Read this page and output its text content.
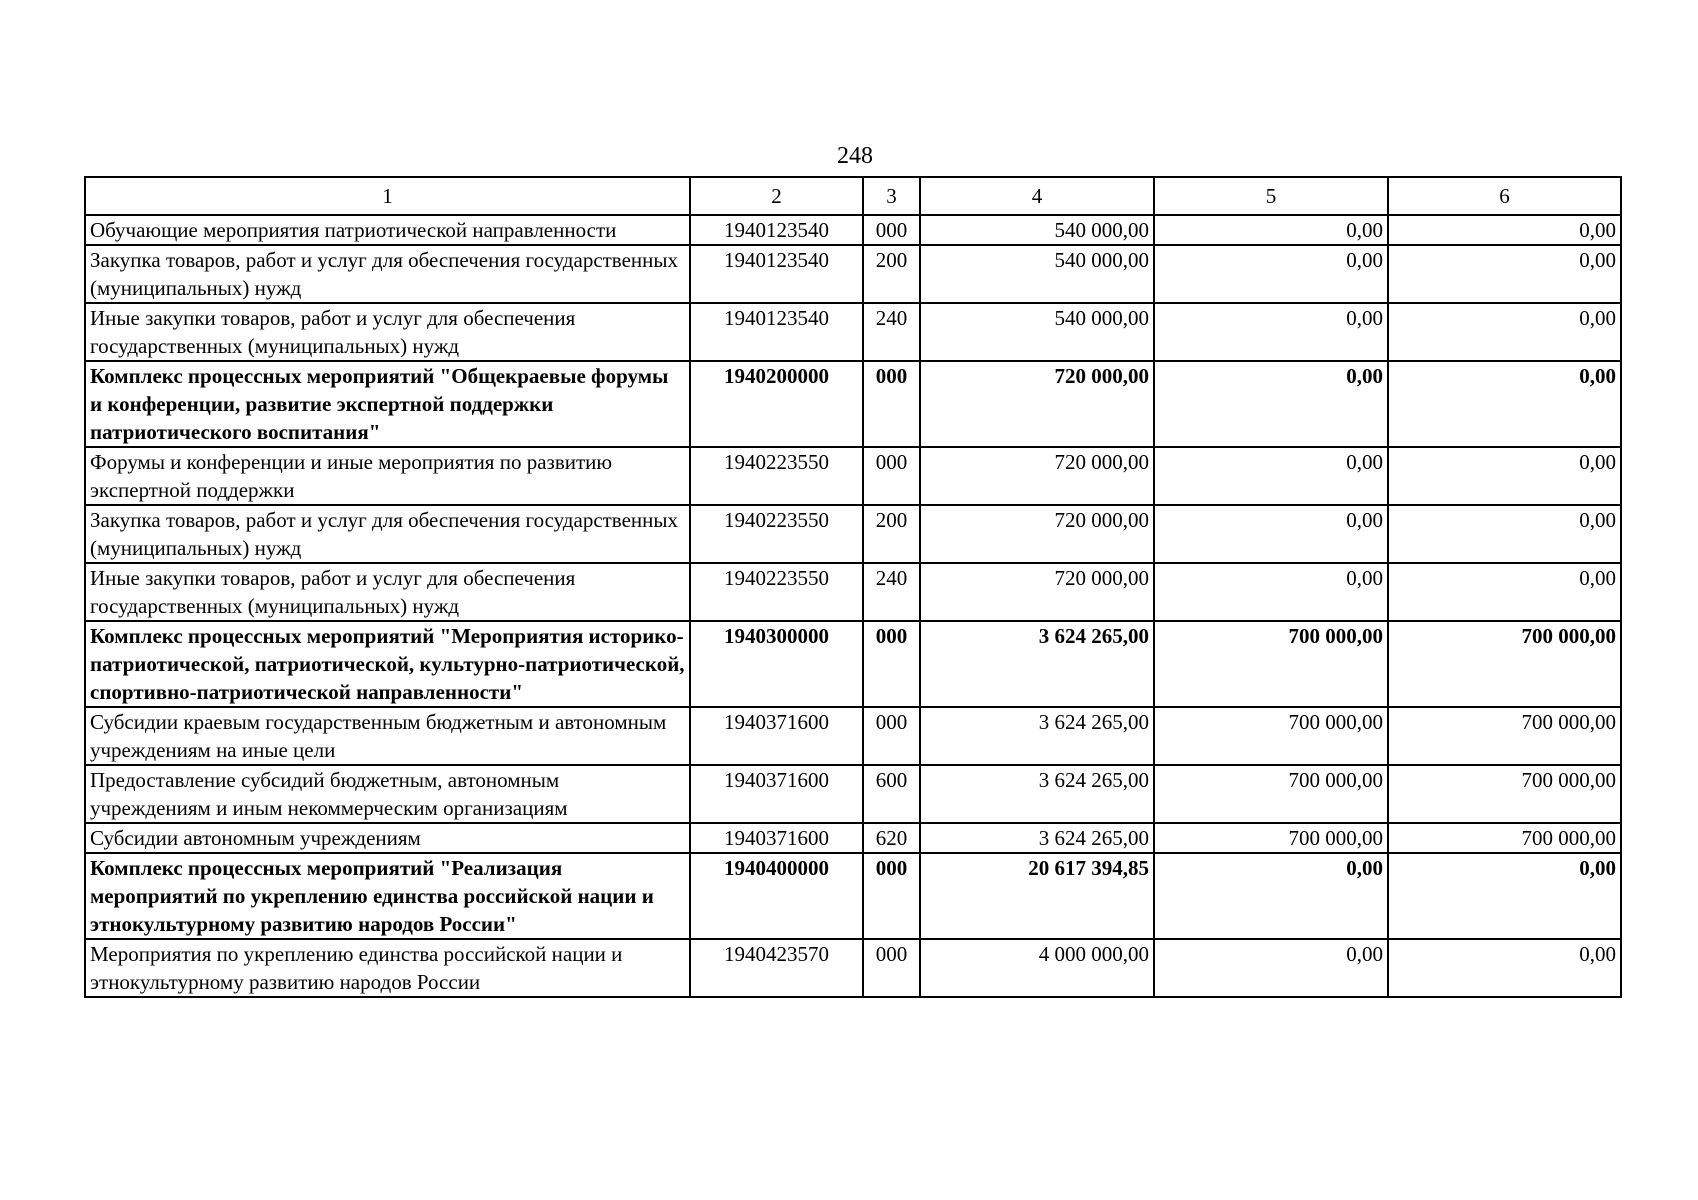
248
1	2	3	4	5	6
Обучающие мероприятия патриотической направленности	1940123540	000	540 000,00	0,00	0,00
Закупка товаров, работ и услуг для обеспечения государственных (муниципальных) нужд	1940123540	200	540 000,00	0,00	0,00
Иные закупки товаров, работ и услуг для обеспечения государственных (муниципальных) нужд	1940123540	240	540 000,00	0,00	0,00
Комплекс процессных мероприятий "Общекраевые форумы и конференции, развитие экспертной поддержки патриотического воспитания"	1940200000	000	720 000,00	0,00	0,00
Форумы и конференции и иные мероприятия по развитию экспертной поддержки	1940223550	000	720 000,00	0,00	0,00
Закупка товаров, работ и услуг для обеспечения государственных (муниципальных) нужд	1940223550	200	720 000,00	0,00	0,00
Иные закупки товаров, работ и услуг для обеспечения государственных (муниципальных) нужд	1940223550	240	720 000,00	0,00	0,00
Комплекс процессных мероприятий "Мероприятия историко-патриотической, патриотической, культурно-патриотической, спортивно-патриотической направленности"	1940300000	000	3 624 265,00	700 000,00	700 000,00
Субсидии краевым государственным бюджетным и автономным учреждениям на иные цели	1940371600	000	3 624 265,00	700 000,00	700 000,00
Предоставление субсидий бюджетным, автономным учреждениям и иным некоммерческим организациям	1940371600	600	3 624 265,00	700 000,00	700 000,00
Субсидии автономным учреждениям	1940371600	620	3 624 265,00	700 000,00	700 000,00
Комплекс процессных мероприятий "Реализация мероприятий по укреплению единства российской нации и этнокультурному развитию народов России"	1940400000	000	20 617 394,85	0,00	0,00
Мероприятия по укреплению единства российской нации и этнокультурному развитию народов России	1940423570	000	4 000 000,00	0,00	0,00
